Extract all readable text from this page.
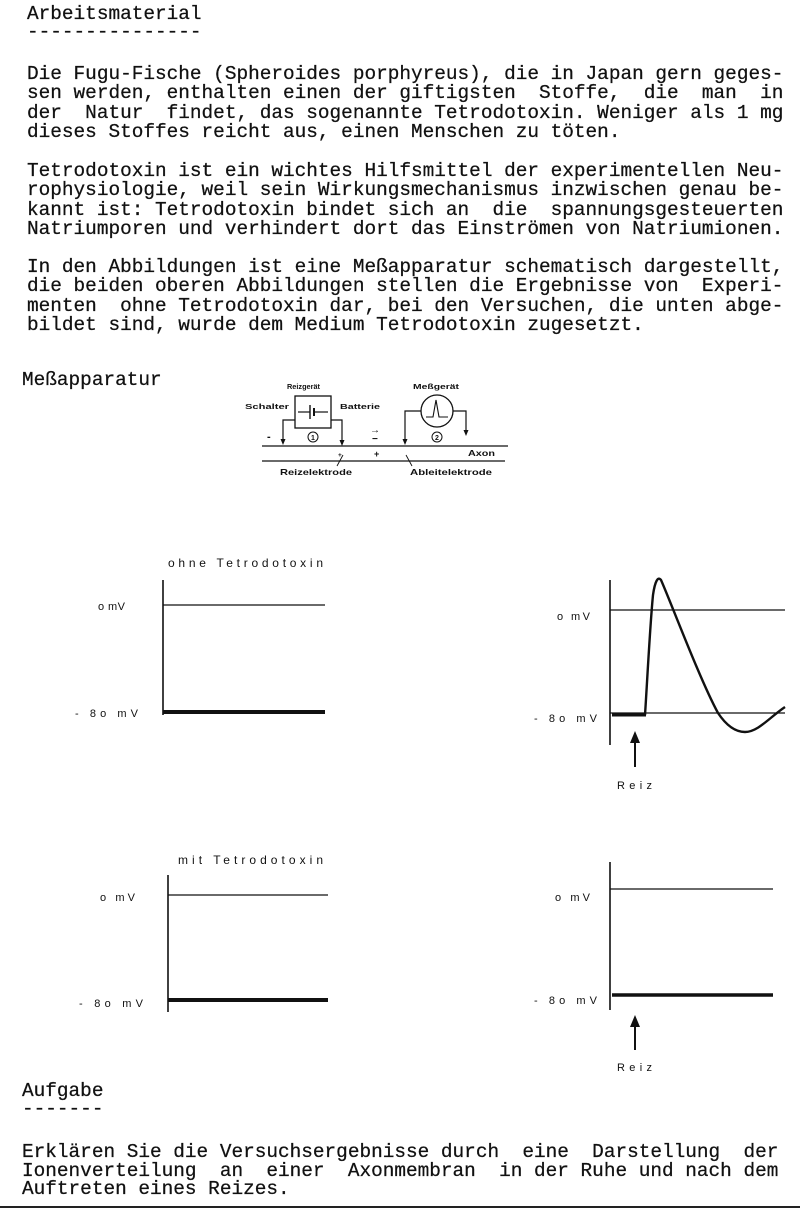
Arbeitsmaterial
---------------
Die Fugu-Fische (Spheroides porphyreus), die in Japan gern geges-
sen werden, enthalten einen der giftigsten  Stoffe,  die  man  in
der  Natur  findet, das sogenannte Tetrodotoxin. Weniger als 1 mg
dieses Stoffes reicht aus, einen Menschen zu töten.
Tetrodotoxin ist ein wichtes Hilfsmittel der experimentellen Neu-
rophysiologie, weil sein Wirkungsmechanismus inzwischen genau be-
kannt ist: Tetrodotoxin bindet sich an  die  spannungsgesteuerten
Natriumporen und verhindert dort das Einströmen von Natriumionen.
In den Abbildungen ist eine Meßapparatur schematisch dargestellt,
die beiden oberen Abbildungen stellen die Ergebnisse von  Experi-
menten  ohne Tetrodotoxin dar, bei den Versuchen, die unten abge-
bildet sind, wurde dem Medium Tetrodotoxin zugesetzt.
Meßapparatur	Reizgerät	Meßgerät
Schalter	Batterie
1
-	2
→
−
+
+	Axon
Reizelektrode	Ableitelektrode
ohne Tetrodotoxin
o mV
- 8o mV
Reiz
o mV
- 8o mV
mit Tetrodotoxin
o mV
- 8o mV
Reiz
o mV
- 8o mV
Aufgabe
-------
Erklären Sie die Versuchsergebnisse durch  eine  Darstellung  der
Ionenverteilung  an  einer  Axonmembran  in der Ruhe und nach dem
Auftreten eines Reizes.
